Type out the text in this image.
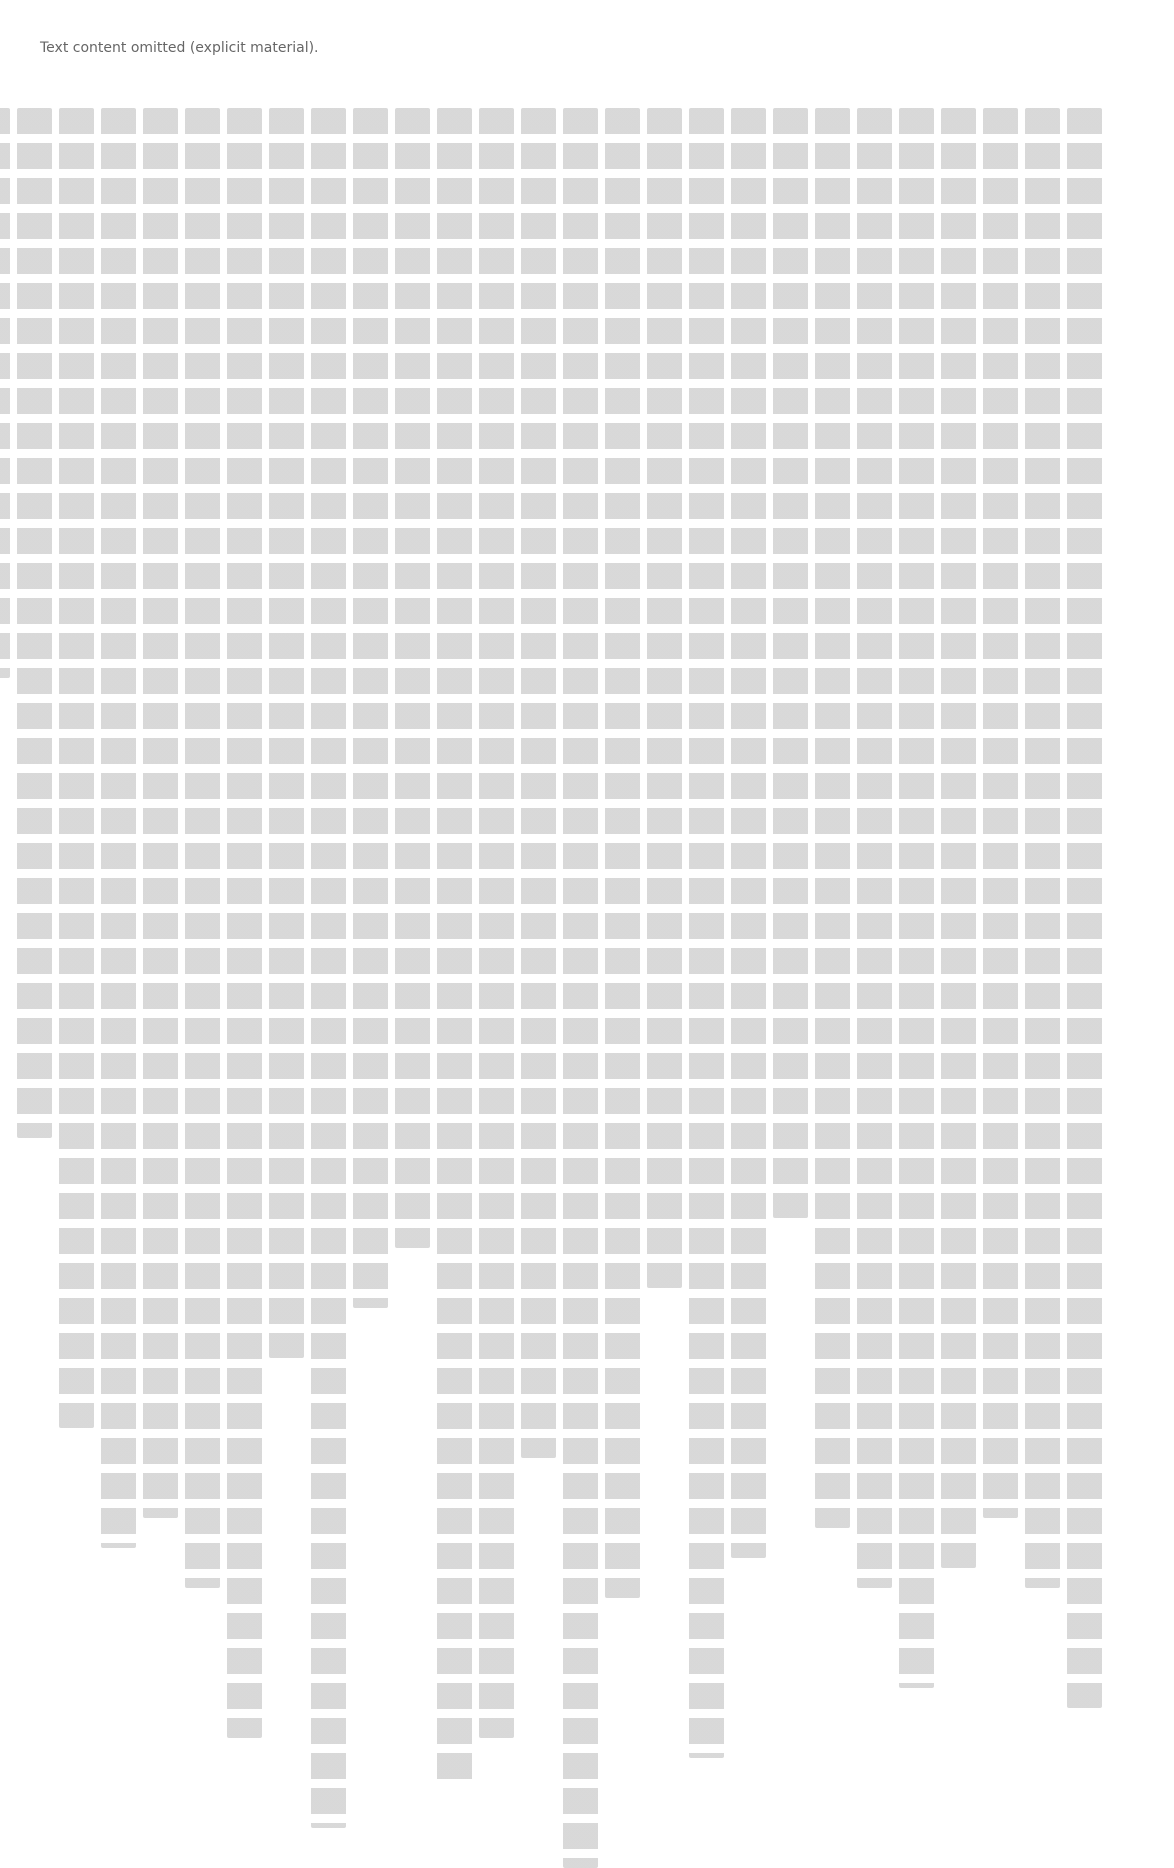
Text content omitted (explicit material).
